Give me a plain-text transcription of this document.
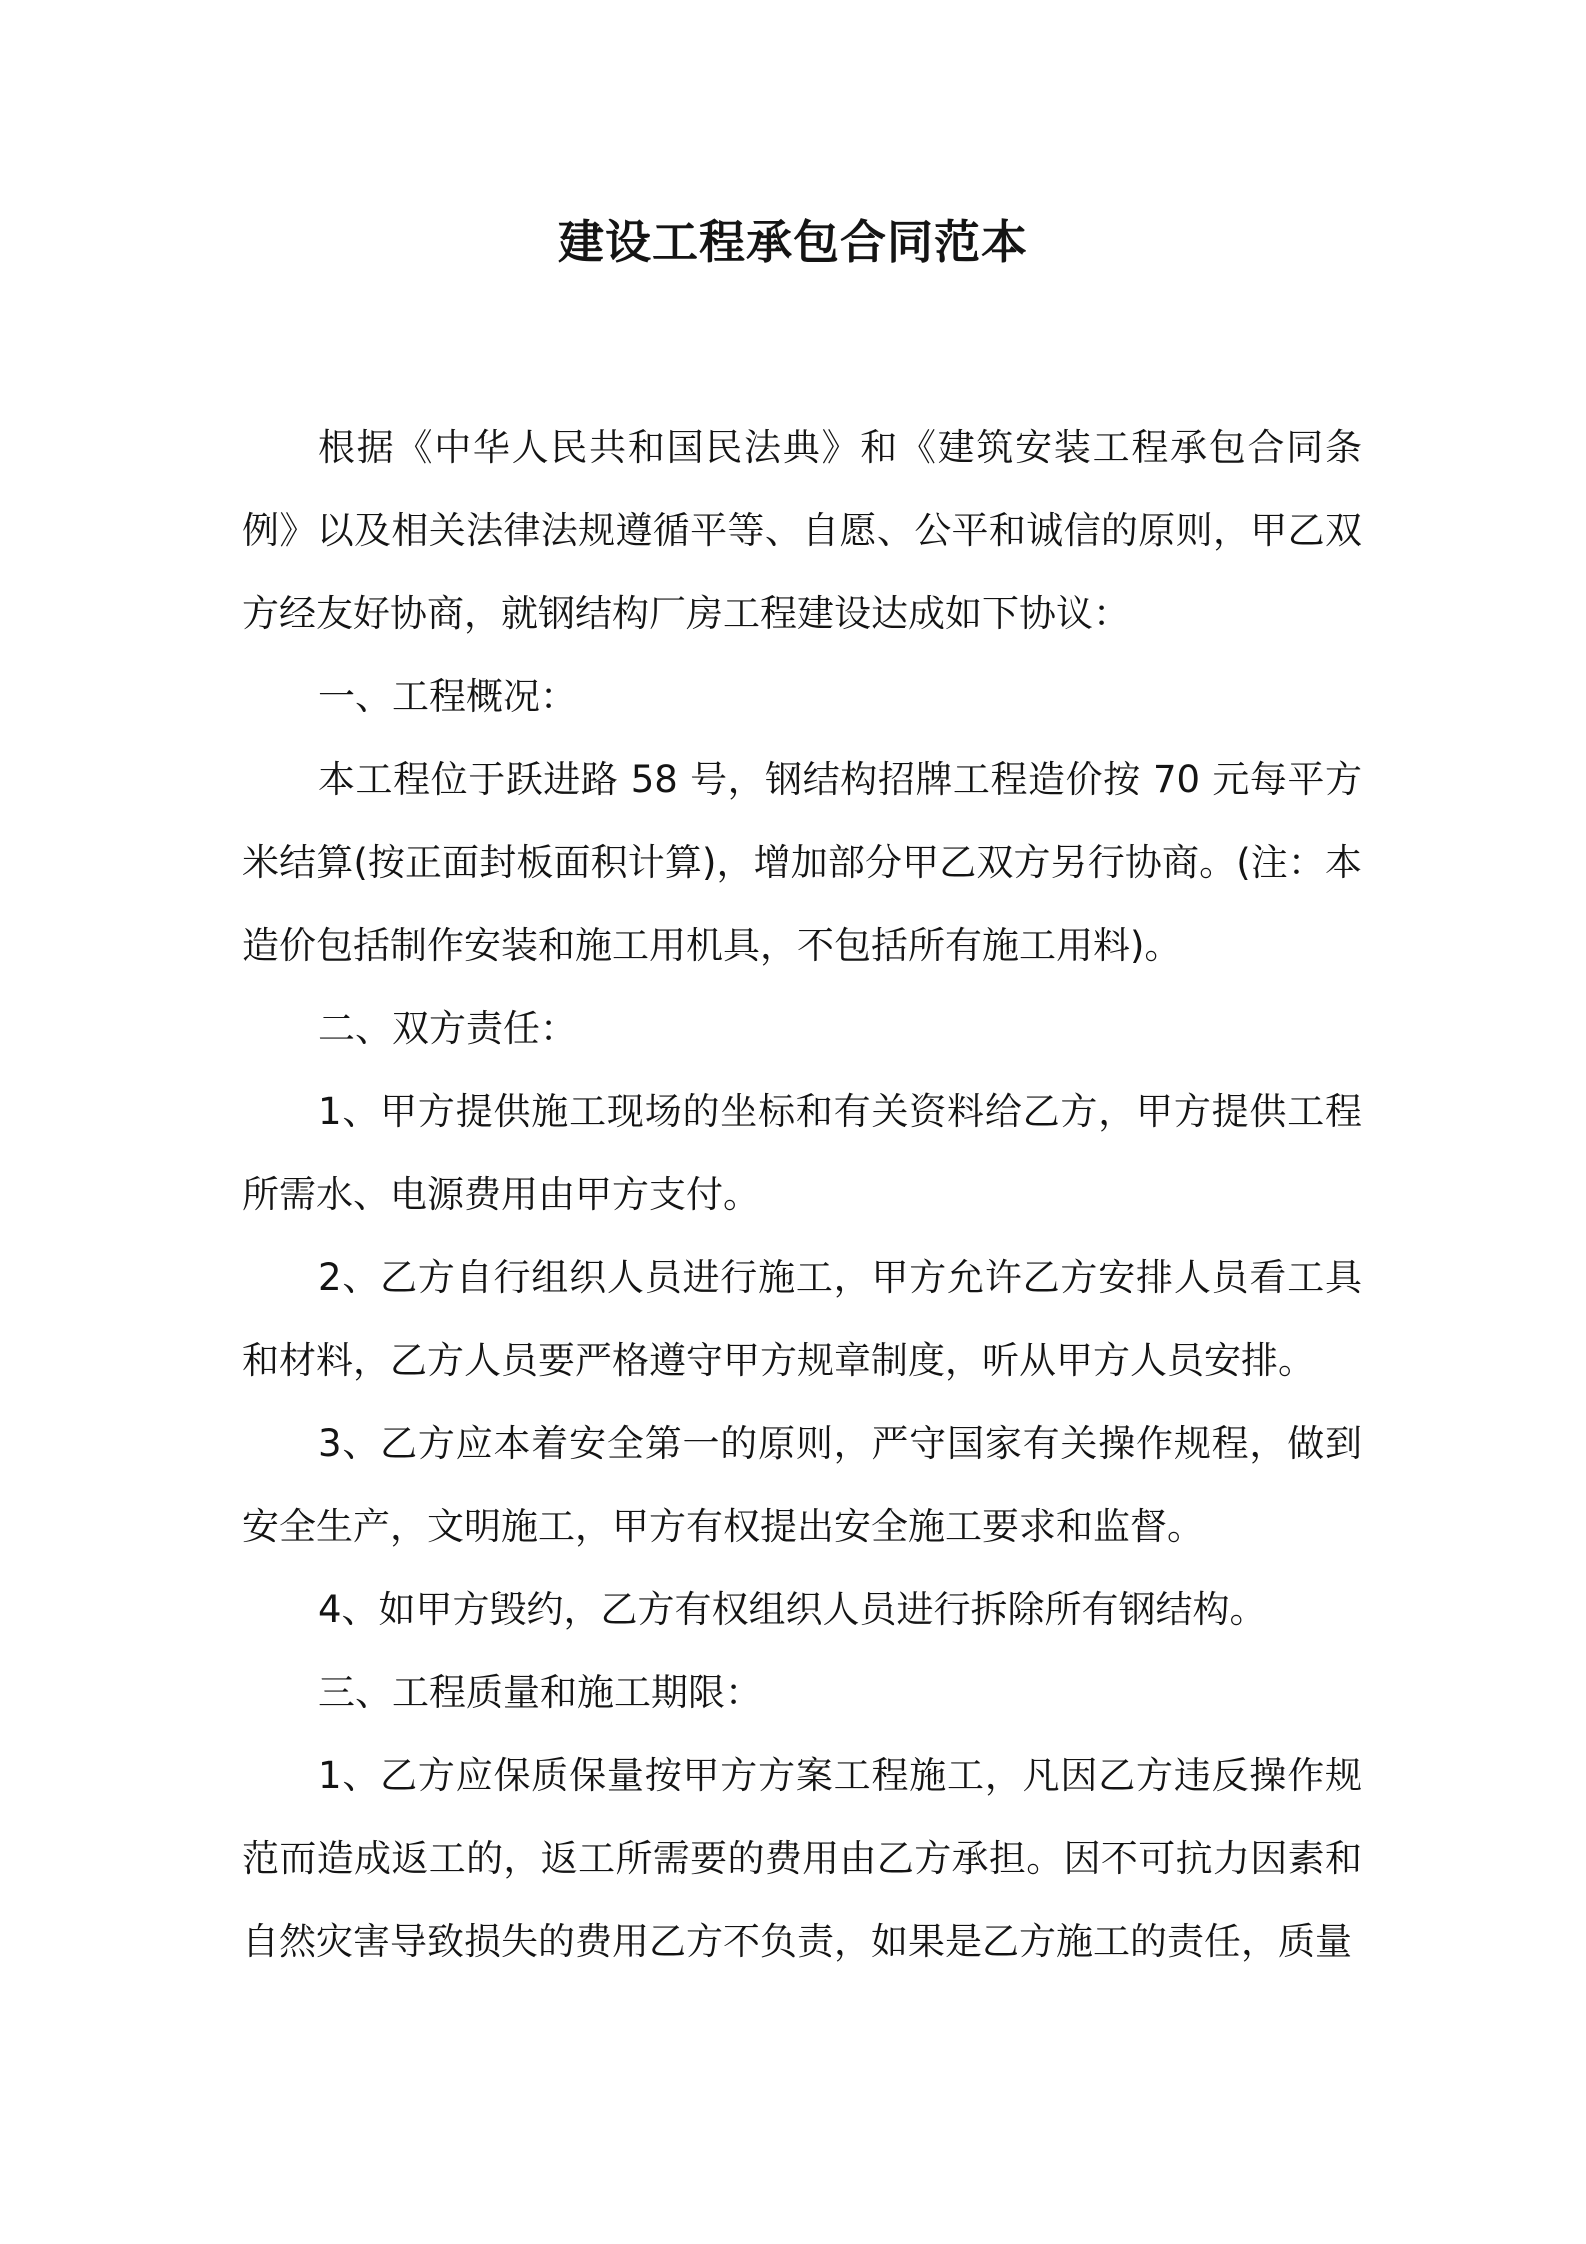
建设工程承包合同范本

根据《中华人民共和国民法典》和《建筑安装工程承包合同条例》以及相关法律法规遵循平等、自愿、公平和诚信的原则，甲乙双方经友好协商，就钢结构厂房工程建设达成如下协议：

一、工程概况：

本工程位于跃进路 58 号，钢结构招牌工程造价按 70 元每平方米结算(按正面封板面积计算)，增加部分甲乙双方另行协商。(注：本造价包括制作安装和施工用机具，不包括所有施工用料)。

二、双方责任：

1、甲方提供施工现场的坐标和有关资料给乙方，甲方提供工程所需水、电源费用由甲方支付。

2、乙方自行组织人员进行施工，甲方允许乙方安排人员看工具和材料，乙方人员要严格遵守甲方规章制度，听从甲方人员安排。

3、乙方应本着安全第一的原则，严守国家有关操作规程，做到安全生产，文明施工，甲方有权提出安全施工要求和监督。

4、如甲方毁约，乙方有权组织人员进行拆除所有钢结构。

三、工程质量和施工期限：

1、乙方应保质保量按甲方方案工程施工，凡因乙方违反操作规范而造成返工的，返工所需要的费用由乙方承担。因不可抗力因素和自然灾害导致损失的费用乙方不负责，如果是乙方施工的责任，质量
